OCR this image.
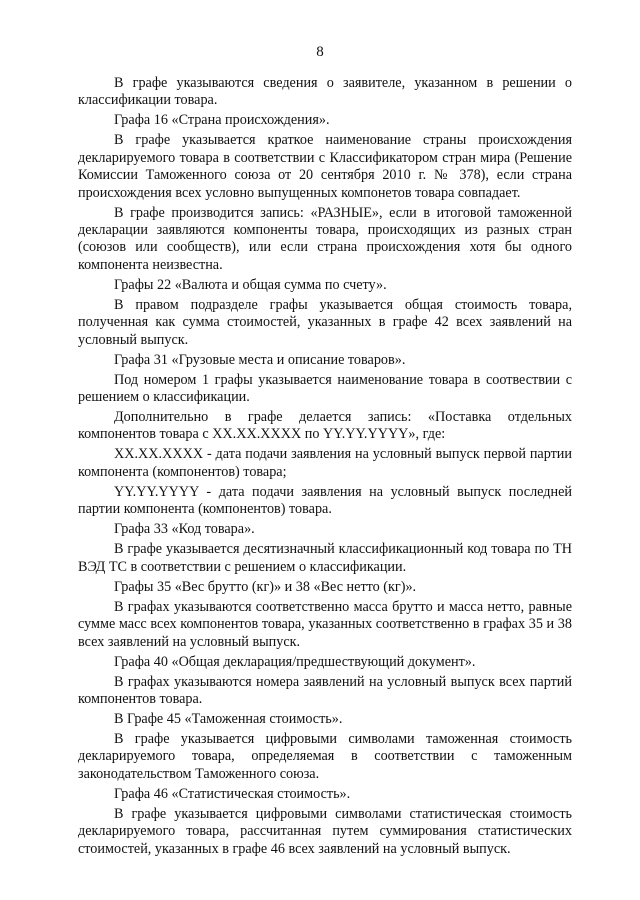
8

В графе указываются сведения о заявителе, указанном в решении о классификации товара.

Графа 16 «Страна происхождения».

В графе указывается краткое наименование страны происхождения декларируемого товара в соответствии с Классификатором стран мира (Решение Комиссии Таможенного союза от 20 сентября 2010 г. № 378), если страна происхождения всех условно выпущенных компонетов товара совпадает.

В графе производится запись: «РАЗНЫЕ», если в итоговой таможенной декларации заявляются компоненты товара, происходящих из разных стран (союзов или сообществ), или если страна происхождения хотя бы одного компонента неизвестна.

Графы 22 «Валюта и общая сумма по счету».

В правом подразделе графы указывается общая стоимость товара, полученная как сумма стоимостей, указанных в графе 42 всех заявлений на условный выпуск.

Графа 31 «Грузовые места и описание товаров».

Под номером 1 графы указывается наименование товара в соотвествии с решением о классификации.

Дополнительно в графе делается запись: «Поставка отдельных компонентов товара с XX.XX.XXXX по YY.YY.YYYY», где:

XX.XX.XXXX - дата подачи заявления на условный выпуск первой партии компонента (компонентов) товара;

YY.YY.YYYY - дата подачи заявления на условный выпуск последней партии компонента (компонентов) товара.

Графа 33 «Код товара».

В графе указывается десятизначный классификационный код товара по ТН ВЭД ТС в соответствии с решением о классификации.

Графы 35 «Вес брутто (кг)» и 38 «Вес нетто (кг)».

В графах указываются соответственно масса брутто и масса нетто, равные сумме масс всех компонентов товара, указанных соответственно в графах 35 и 38 всех заявлений на условный выпуск.

Графа 40 «Общая декларация/предшествующий документ».

В графах указываются номера заявлений на условный выпуск всех партий компонентов товара.

В Графе 45 «Таможенная стоимость».

В графе указывается цифровыми символами таможенная стоимость декларируемого товара, определяемая в соответствии с таможенным законодательством Таможенного союза.

Графа 46 «Статистическая стоимость».

В графе указывается цифровыми символами статистическая стоимость декларируемого товара, рассчитанная путем суммирования статистических стоимостей, указанных в графе 46 всех заявлений на условный выпуск.
